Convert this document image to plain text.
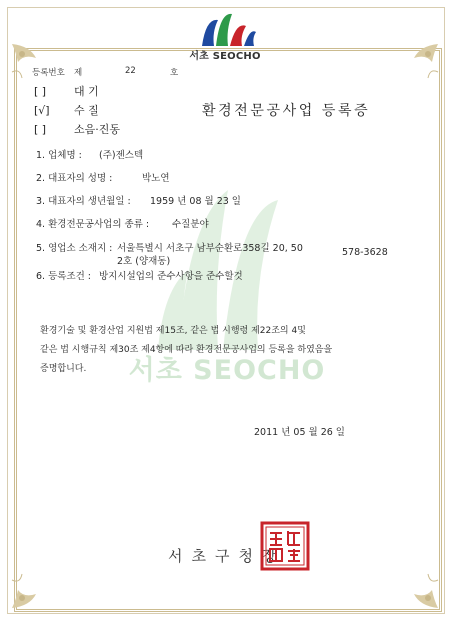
서초 SEOCHO
서초 SEOCHO
등록번호 제	22	호
[ ]	대 기
[√] 수 질
[ ]	소음·진동
환경전문공사업 등록증
1. 업체명 : (주)젠스텍
2. 대표자의 성명 :	박노연
3. 대표자의 생년월일 : 1959 년 08 월 23 일
4. 환경전문공사업의 종류 : 수질분야
5. 영업소 소재지 : 서울특별시 서초구 남부순환로358길 20, 50
2호 (양재동)
578-3628
6. 등록조건 : 방지시설업의 준수사항을 준수할것
환경기술 및 환경산업 지원법 제15조, 같은 법 시행령 제22조의 4및
같은 법 시행규칙 제30조 제4항에 따라 환경전문공사업의 등록을 하였음을
증명합니다.
2011 년 05 월 26 일
서초구청장
